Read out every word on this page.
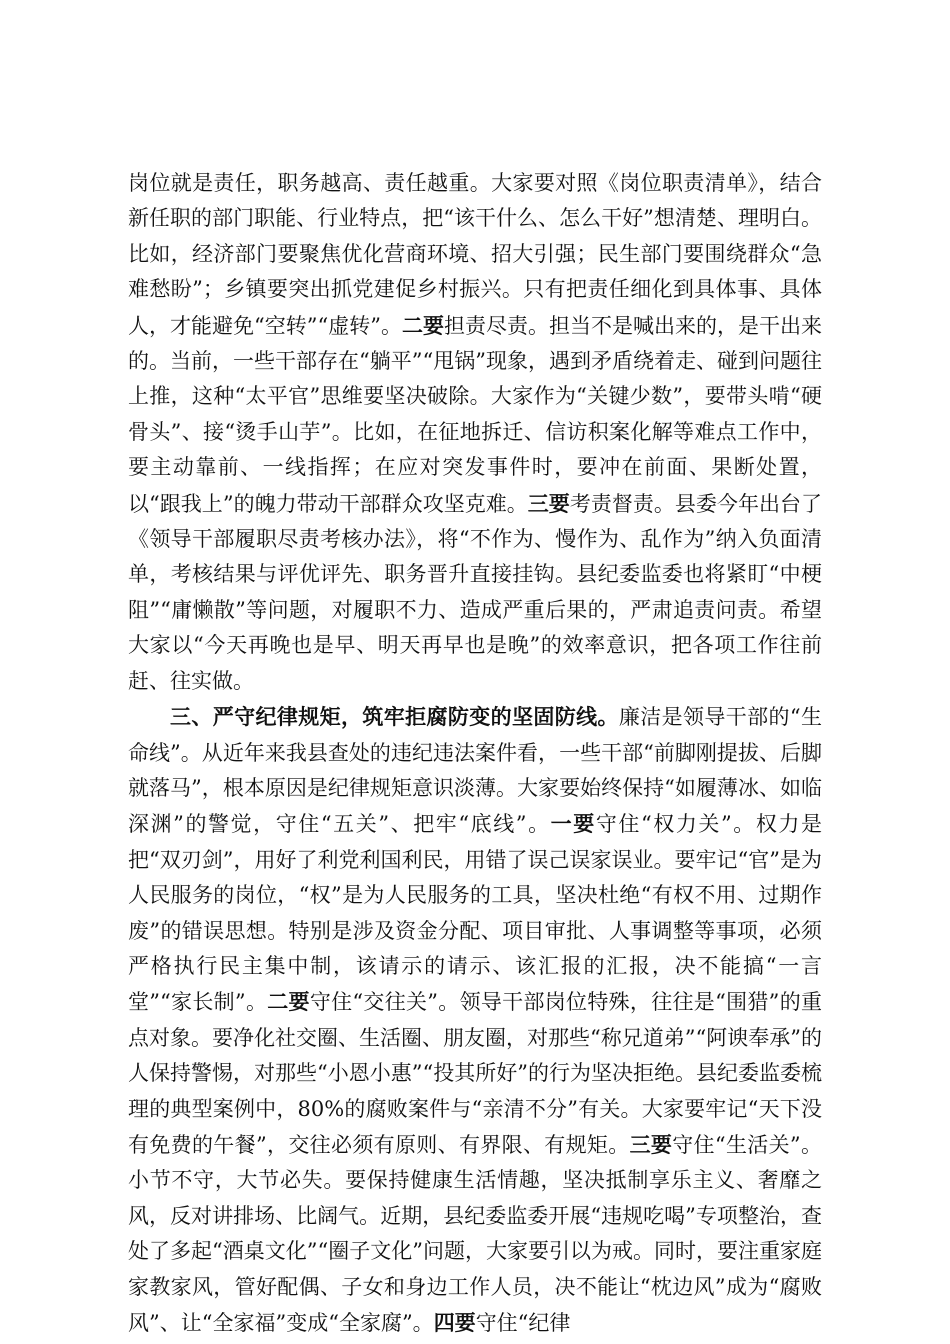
岗位就是责任，职务越高、责任越重。大家要对照《岗位职责清单》，结合新任职的部门职能、行业特点，把“该干什么、怎么干好”想清楚、理明白。比如，经济部门要聚焦优化营商环境、招大引强；民生部门要围绕群众“急难愁盼”；乡镇要突出抓党建促乡村振兴。只有把责任细化到具体事、具体人，才能避免“空转”“虚转”。二要担责尽责。担当不是喊出来的，是干出来的。当前，一些干部存在“躺平”“甩锅”现象，遇到矛盾绕着走、碰到问题往上推，这种“太平官”思维要坚决破除。大家作为“关键少数”，要带头啃“硬骨头”、接“烫手山芋”。比如，在征地拆迁、信访积案化解等难点工作中，要主动靠前、一线指挥；在应对突发事件时，要冲在前面、果断处置，以“跟我上”的魄力带动干部群众攻坚克难。三要考责督责。县委今年出台了《领导干部履职尽责考核办法》，将“不作为、慢作为、乱作为”纳入负面清单，考核结果与评优评先、职务晋升直接挂钩。县纪委监委也将紧盯“中梗阻”“庸懒散”等问题，对履职不力、造成严重后果的，严肃追责问责。希望大家以“今天再晚也是早、明天再早也是晚”的效率意识，把各项工作往前赶、往实做。

三、严守纪律规矩，筑牢拒腐防变的坚固防线。廉洁是领导干部的“生命线”。从近年来我县查处的违纪违法案件看，一些干部“前脚刚提拔、后脚就落马”，根本原因是纪律规矩意识淡薄。大家要始终保持“如履薄冰、如临深渊”的警觉，守住“五关”、把牢“底线”。一要守住“权力关”。权力是把“双刃剑”，用好了利党利国利民，用错了误己误家误业。要牢记“官”是为人民服务的岗位，“权”是为人民服务的工具，坚决杜绝“有权不用、过期作废”的错误思想。特别是涉及资金分配、项目审批、人事调整等事项，必须严格执行民主集中制，该请示的请示、该汇报的汇报，决不能搞“一言堂”“家长制”。二要守住“交往关”。领导干部岗位特殊，往往是“围猎”的重点对象。要净化社交圈、生活圈、朋友圈，对那些“称兄道弟”“阿谀奉承”的人保持警惕，对那些“小恩小惠”“投其所好”的行为坚决拒绝。县纪委监委梳理的典型案例中，80%的腐败案件与“亲清不分”有关。大家要牢记“天下没有免费的午餐”，交往必须有原则、有界限、有规矩。三要守住“生活关”。小节不守，大节必失。要保持健康生活情趣，坚决抵制享乐主义、奢靡之风，反对讲排场、比阔气。近期，县纪委监委开展“违规吃喝”专项整治，查处了多起“酒桌文化”“圈子文化”问题，大家要引以为戒。同时，要注重家庭家教家风，管好配偶、子女和身边工作人员，决不能让“枕边风”成为“腐败风”、让“全家福”变成“全家腐”。四要守住“纪律
